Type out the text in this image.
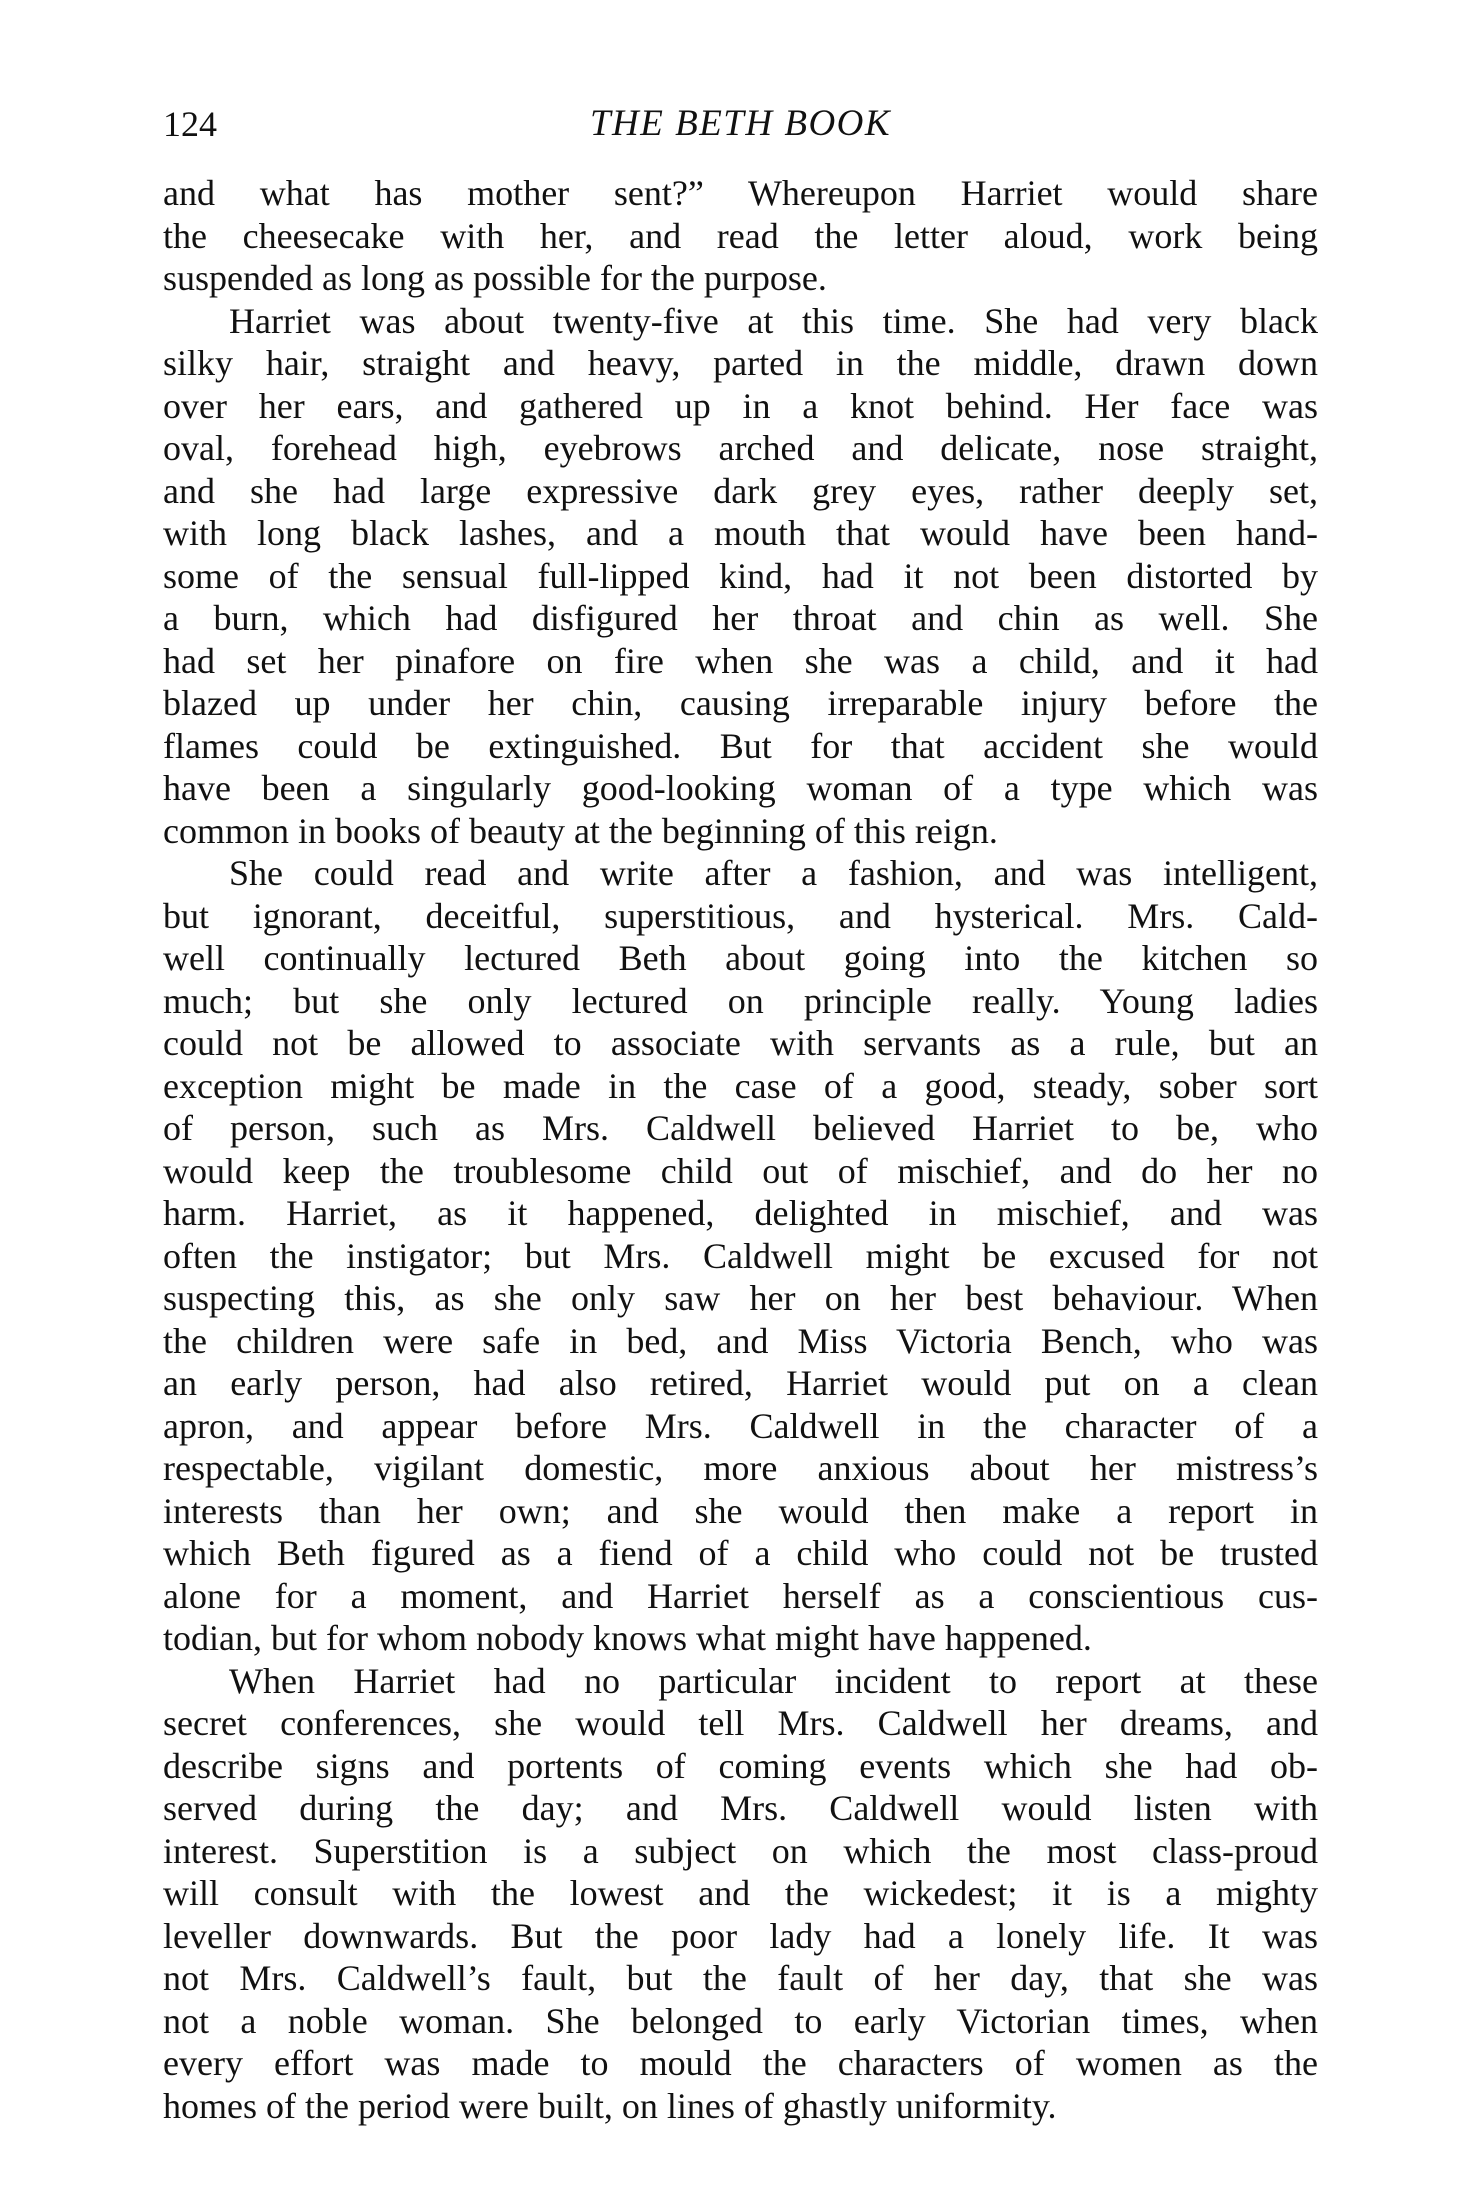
124	THE BETH BOOK
and what has mother sent?” Whereupon Harriet would share
the cheesecake with her, and read the letter aloud, work being
suspended as long as possible for the purpose.
Harriet was about twenty-five at this time. She had very black
silky hair, straight and heavy, parted in the middle, drawn down
over her ears, and gathered up in a knot behind. Her face was
oval, forehead high, eyebrows arched and delicate, nose straight,
and she had large expressive dark grey eyes, rather deeply set,
with long black lashes, and a mouth that would have been hand-
some of the sensual full-lipped kind, had it not been distorted by
a burn, which had disfigured her throat and chin as well. She
had set her pinafore on fire when she was a child, and it had
blazed up under her chin, causing irreparable injury before the
flames could be extinguished. But for that accident she would
have been a singularly good-looking woman of a type which was
common in books of beauty at the beginning of this reign.
She could read and write after a fashion, and was intelligent,
but ignorant, deceitful, superstitious, and hysterical. Mrs. Cald-
well continually lectured Beth about going into the kitchen so
much; but she only lectured on principle really. Young ladies
could not be allowed to associate with servants as a rule, but an
exception might be made in the case of a good, steady, sober sort
of person, such as Mrs. Caldwell believed Harriet to be, who
would keep the troublesome child out of mischief, and do her no
harm. Harriet, as it happened, delighted in mischief, and was
often the instigator; but Mrs. Caldwell might be excused for not
suspecting this, as she only saw her on her best behaviour. When
the children were safe in bed, and Miss Victoria Bench, who was
an early person, had also retired, Harriet would put on a clean
apron, and appear before Mrs. Caldwell in the character of a
respectable, vigilant domestic, more anxious about her mistress’s
interests than her own; and she would then make a report in
which Beth figured as a fiend of a child who could not be trusted
alone for a moment, and Harriet herself as a conscientious cus-
todian, but for whom nobody knows what might have happened.
When Harriet had no particular incident to report at these
secret conferences, she would tell Mrs. Caldwell her dreams, and
describe signs and portents of coming events which she had ob-
served during the day; and Mrs. Caldwell would listen with
interest. Superstition is a subject on which the most class-proud
will consult with the lowest and the wickedest; it is a mighty
leveller downwards. But the poor lady had a lonely life. It was
not Mrs. Caldwell’s fault, but the fault of her day, that she was
not a noble woman. She belonged to early Victorian times, when
every effort was made to mould the characters of women as the
homes of the period were built, on lines of ghastly uniformity.
